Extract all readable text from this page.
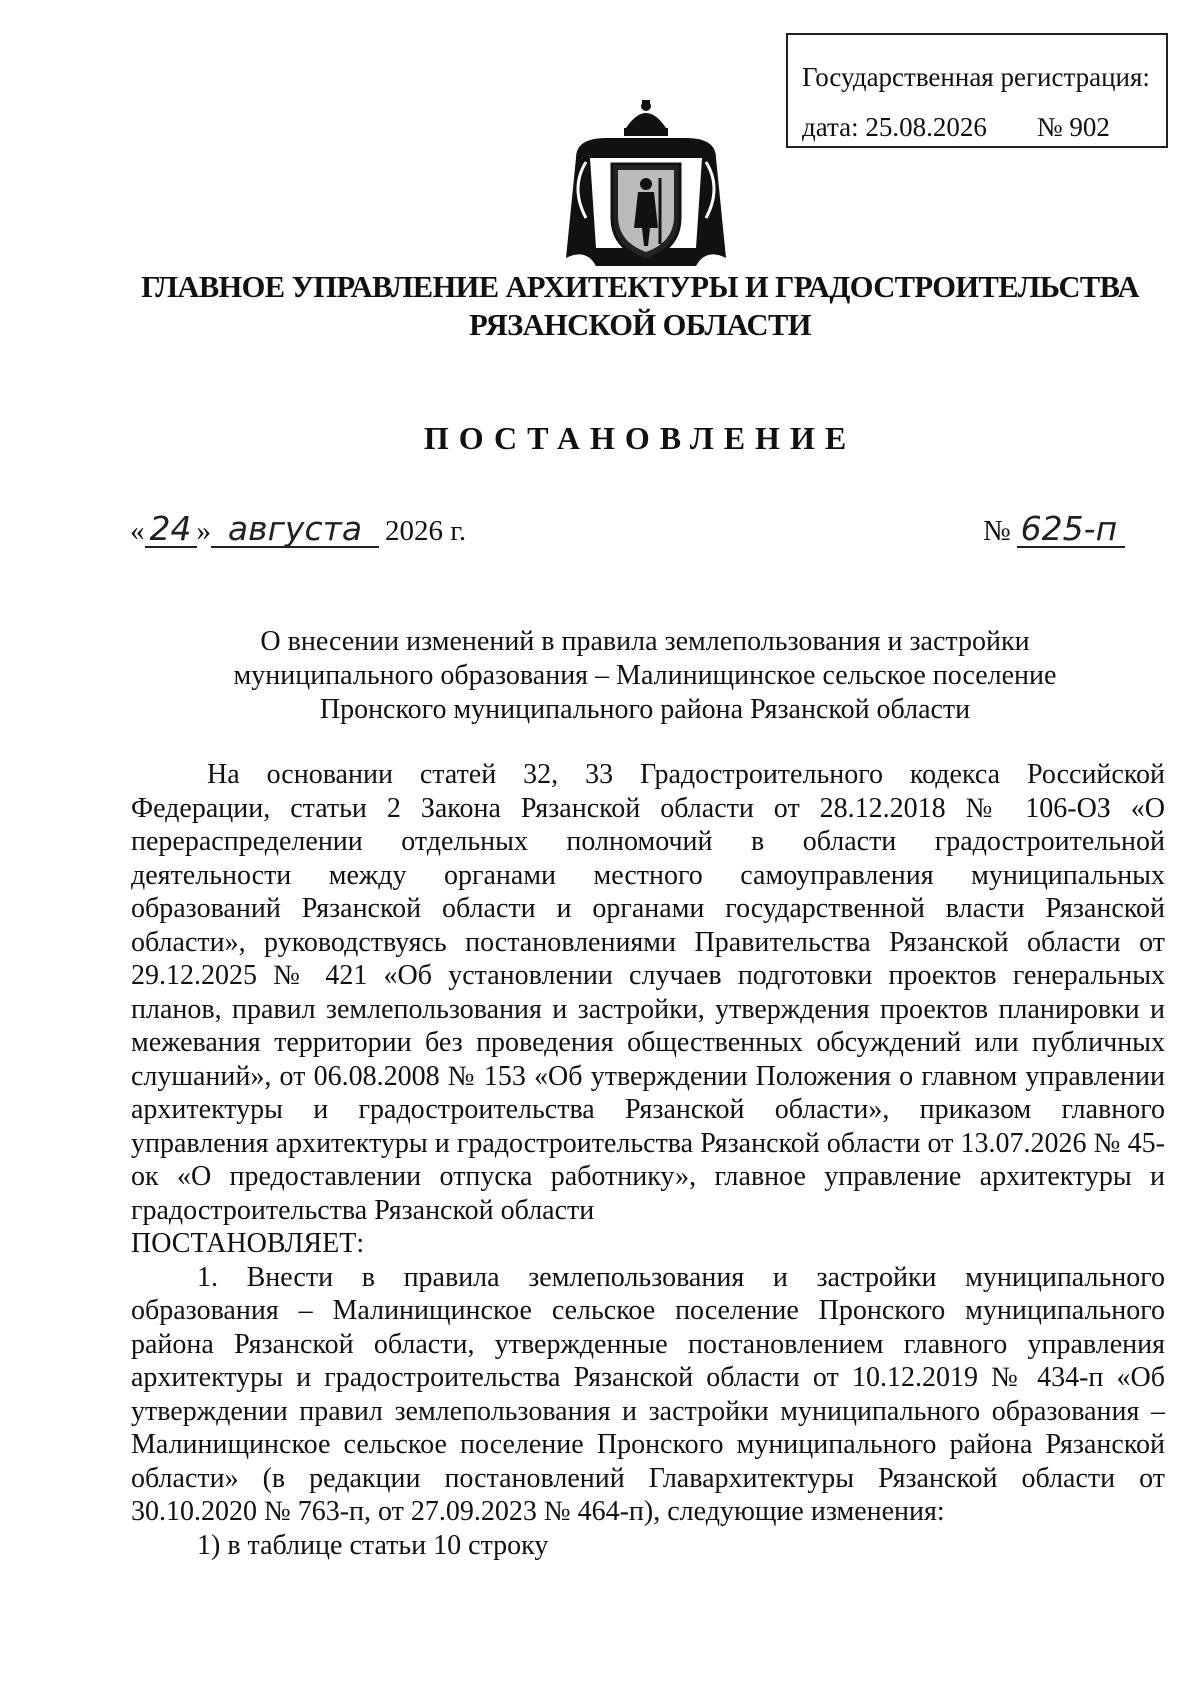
Государственная регистрация:
дата: 25.08.2026 № 902
ГЛАВНОЕ УПРАВЛЕНИЕ АРХИТЕКТУРЫ И ГРАДОСТРОИТЕЛЬСТВА
РЯЗАНСКОЙ ОБЛАСТИ
ПОСТАНОВЛЕНИЕ
« 24 » августа 2026 г.	№ 625-п
О внесении изменений в правила землепользования и застройки
муниципального образования – Малинищинское сельское поселение
Пронского муниципального района Рязанской области

На основании статей 32, 33 Градостроительного кодекса Российской Федерации, статьи 2 Закона Рязанской области от 28.12.2018 № 106-ОЗ «О перераспределении отдельных полномочий в области градостроительной деятельности между органами местного самоуправления муниципальных образований Рязанской области и органами государственной власти Рязанской области», руководствуясь постановлениями Правительства Рязанской области от 29.12.2025 № 421 «Об установлении случаев подготовки проектов генеральных планов, правил землепользования и застройки, утверждения проектов планировки и межевания территории без проведения общественных обсуждений или публичных слушаний», от 06.08.2008 № 153 «Об утверждении Положения о главном управлении архитектуры и градостроительства Рязанской области», приказом главного управления архитектуры и градостроительства Рязанской области от 13.07.2026 № 45-ок «О предоставлении отпуска работнику», главное управление архитектуры и градостроительства Рязанской области

ПОСТАНОВЛЯЕТ:

1. Внести в правила землепользования и застройки муниципального образования – Малинищинское сельское поселение Пронского муниципального района Рязанской области, утвержденные постановлением главного управления архитектуры и градостроительства Рязанской области от 10.12.2019 № 434-п «Об утверждении правил землепользования и застройки муниципального образования – Малинищинское сельское поселение Пронского муниципального района Рязанской области» (в редакции постановлений Главархитектуры Рязанской области от 30.10.2020 № 763-п, от 27.09.2023 № 464-п), следующие изменения:

1) в таблице статьи 10 строку
